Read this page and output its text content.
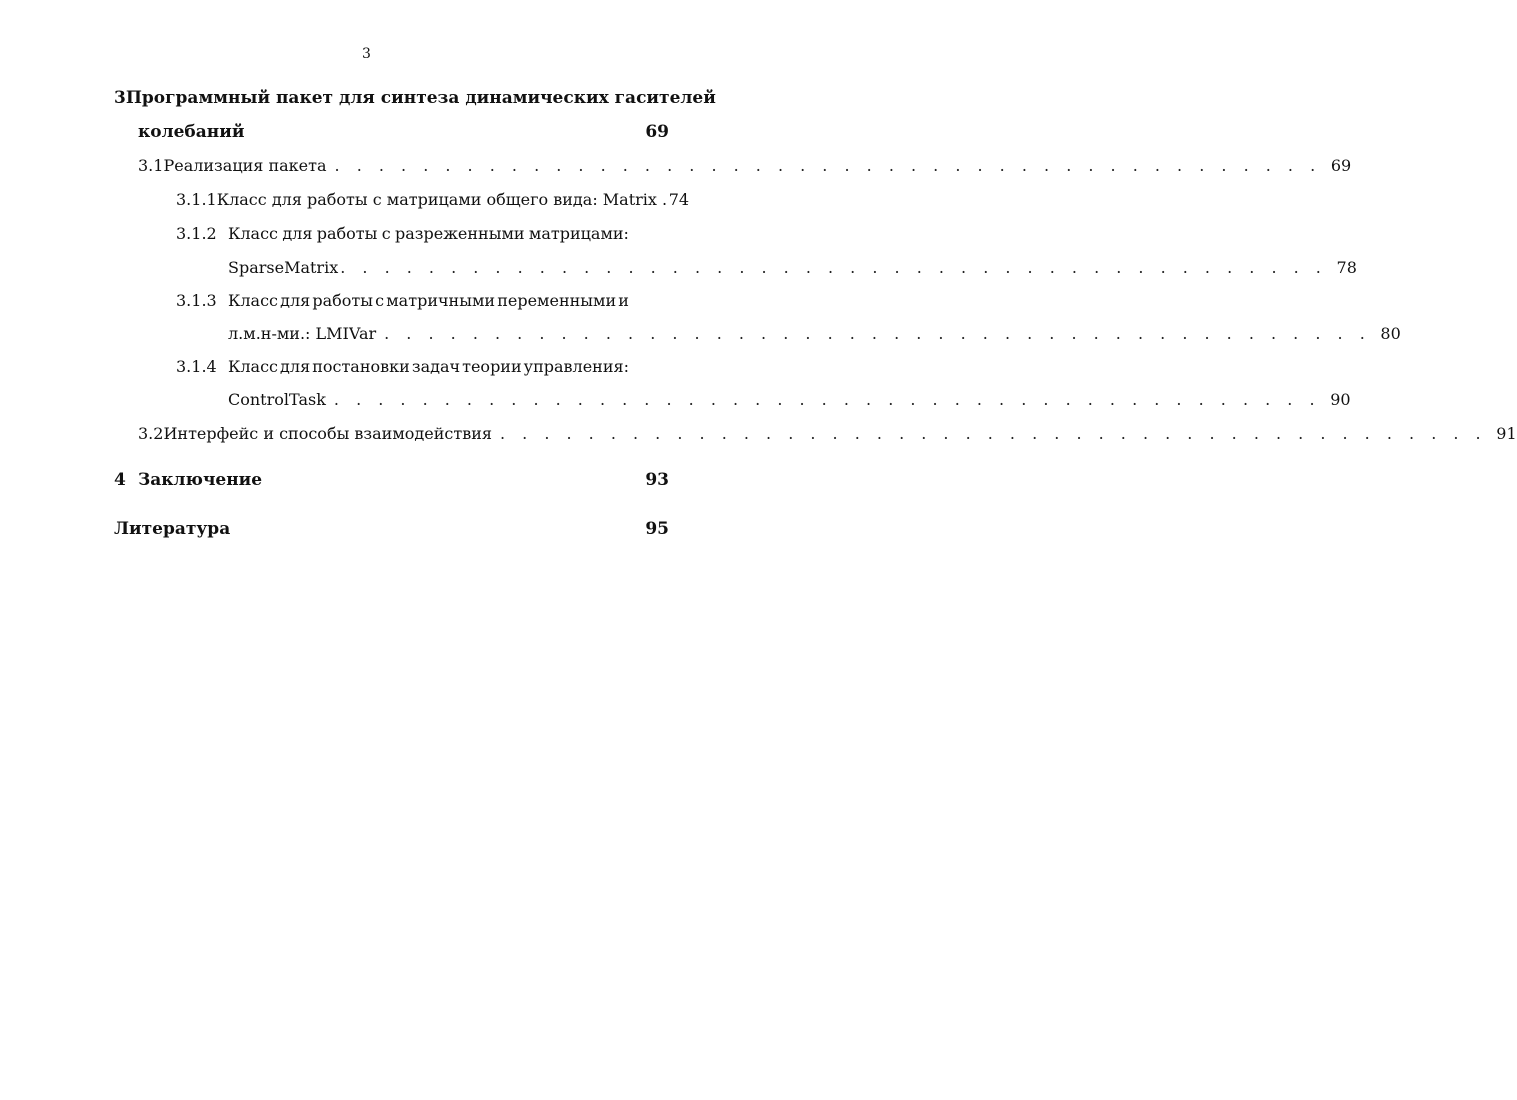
3
3 Программный пакет для синтеза динамических гасителей
колебаний	69
3.1 Реализация пакета . . . . . . . . . . . . . . . . . . . . . . . . . . . . . . . . . . . . . . . . . . . . . 69
3.1.1 Класс для работы с матрицами общего вида: Matrix . 74
3.1.2 Класс для работы с разреженными матрицами:
SparseMatrix . . . . . . . . . . . . . . . . . . . . . . . . . . . . . . . . . . . . . . . . . . . . . 78
3.1.3 Класс для работы с матричными переменными и
л.м.н-ми.: LMIVar . . . . . . . . . . . . . . . . . . . . . . . . . . . . . . . . . . . . . . . . . . . . . 80
3.1.4 Класс для постановки задач теории управления:
ControlTask . . . . . . . . . . . . . . . . . . . . . . . . . . . . . . . . . . . . . . . . . . . . . 90
3.2 Интерфейс и способы взаимодействия . . . . . . . . . . . . . . . . . . . . . . . . . . . . . . . . . . . . . . . . . . . . . 91
4 Заключение	93
Литература	95
